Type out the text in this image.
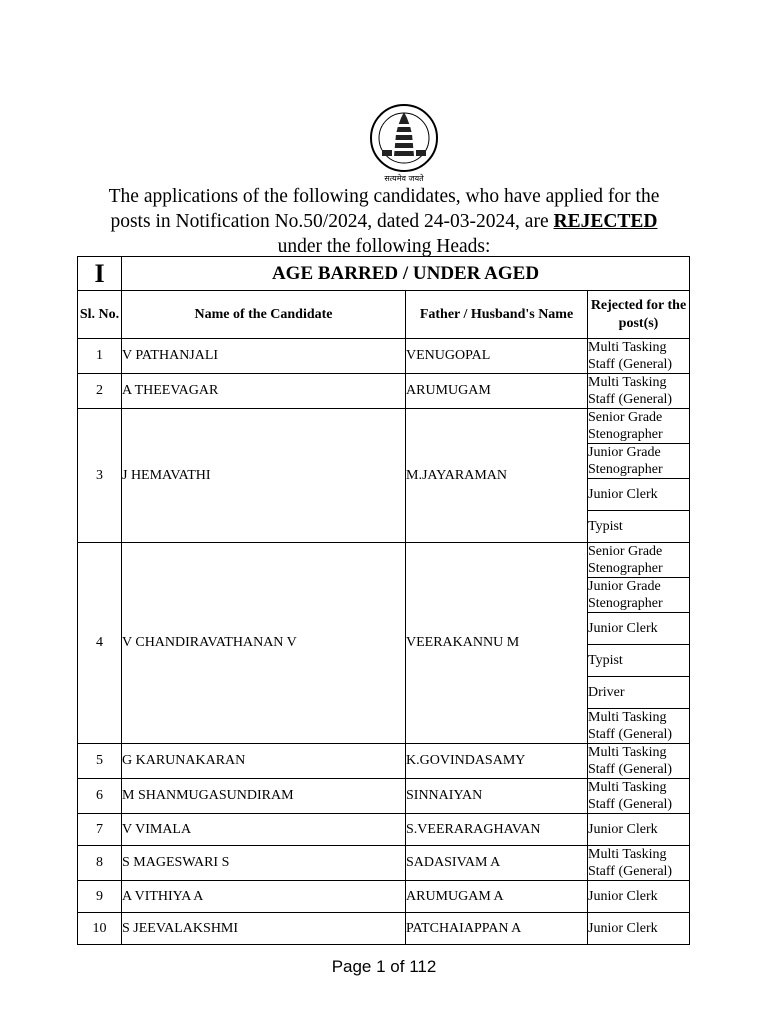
सत्यमेव जयते
The applications of the following candidates, who have applied for the
posts in Notification No.50/2024, dated 24-03-2024, are REJECTED
under the following Heads:
I	AGE BARRED / UNDER AGED		
Sl. No.	Name of the Candidate	Father / Husband's Name	Rejected for the post(s)
1	V PATHANJALI	VENUGOPAL	Multi Tasking Staff (General)
2	A THEEVAGAR	ARUMUGAM	Multi Tasking Staff (General)
3	J HEMAVATHI	M.JAYARAMAN	Senior Grade Stenographer
			Junior Grade Stenographer
			Junior Clerk
			Typist
4	V CHANDIRAVATHANAN V	VEERAKANNU M	Senior Grade Stenographer
			Junior Grade Stenographer
			Junior Clerk
			Typist
			Driver
			Multi Tasking Staff (General)
5	G KARUNAKARAN	K.GOVINDASAMY	Multi Tasking Staff (General)
6	M SHANMUGASUNDIRAM	SINNAIYAN	Multi Tasking Staff (General)
7	V VIMALA	S.VEERARAGHAVAN	Junior Clerk
8	S MAGESWARI S	SADASIVAM A	Multi Tasking Staff (General)
9	A VITHIYA A	ARUMUGAM A	Junior Clerk
10	S JEEVALAKSHMI	PATCHAIAPPAN A	Junior Clerk
Page 1 of 112
